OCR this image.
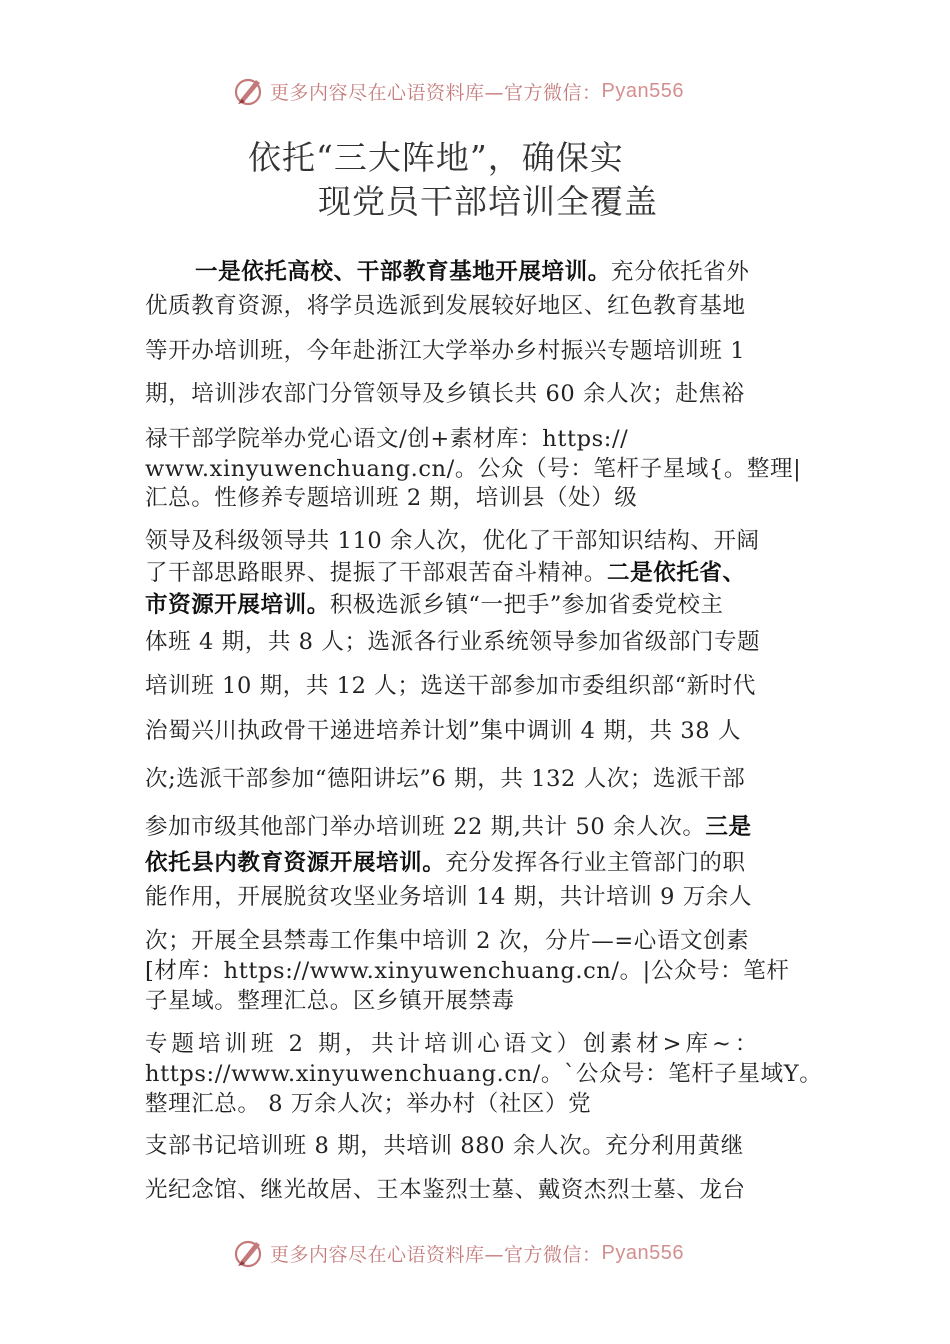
更多内容尽在心语资料库—官方微信： Pyan556
依托“三大阵地”，确保实
现党员干部培训全覆盖
一是依托高校、干部教育基地开展培训。充分依托省外
优质教育资源，将学员选派到发展较好地区、红色教育基地
等开办培训班，今年赴浙江大学举办乡村振兴专题培训班 1
期，培训涉农部门分管领导及乡镇长共 60 余人次；赴焦裕
禄干部学院举办党心语文/创+素材库：https://
www.xinyuwenchuang.cn/。公众（号：笔杆子星域{。整理|
汇总。性修养专题培训班 2 期，培训县（处）级
领导及科级领导共 110 余人次，优化了干部知识结构、开阔
了干部思路眼界、提振了干部艰苦奋斗精神。二是依托省、
市资源开展培训。积极选派乡镇“一把手”参加省委党校主
体班 4 期，共 8 人；选派各行业系统领导参加省级部门专题
培训班 10 期，共 12 人；选送干部参加市委组织部“新时代
治蜀兴川执政骨干递进培养计划”集中调训 4 期，共 38 人
次;选派干部参加“德阳讲坛”6 期，共 132 人次；选派干部
参加市级其他部门举办培训班 22 期,共计 50 余人次。三是
依托县内教育资源开展培训。充分发挥各行业主管部门的职
能作用，开展脱贫攻坚业务培训 14 期，共计培训 9 万余人
次；开展全县禁毒工作集中培训 2 次，分片—=心语文创素
[材库：https://www.xinyuwenchuang.cn/。|公众号：笔杆
子星域。整理汇总。区乡镇开展禁毒
专题培训班 2 期，共计培训心语文）创素材>库~：
https://www.xinyuwenchuang.cn/。`公众号：笔杆子星域Y。
整理汇总。 8 万余人次；举办村（社区）党
支部书记培训班 8 期，共培训 880 余人次。充分利用黄继
光纪念馆、继光故居、王本鉴烈士墓、戴资杰烈士墓、龙台
更多内容尽在心语资料库—官方微信： Pyan556
